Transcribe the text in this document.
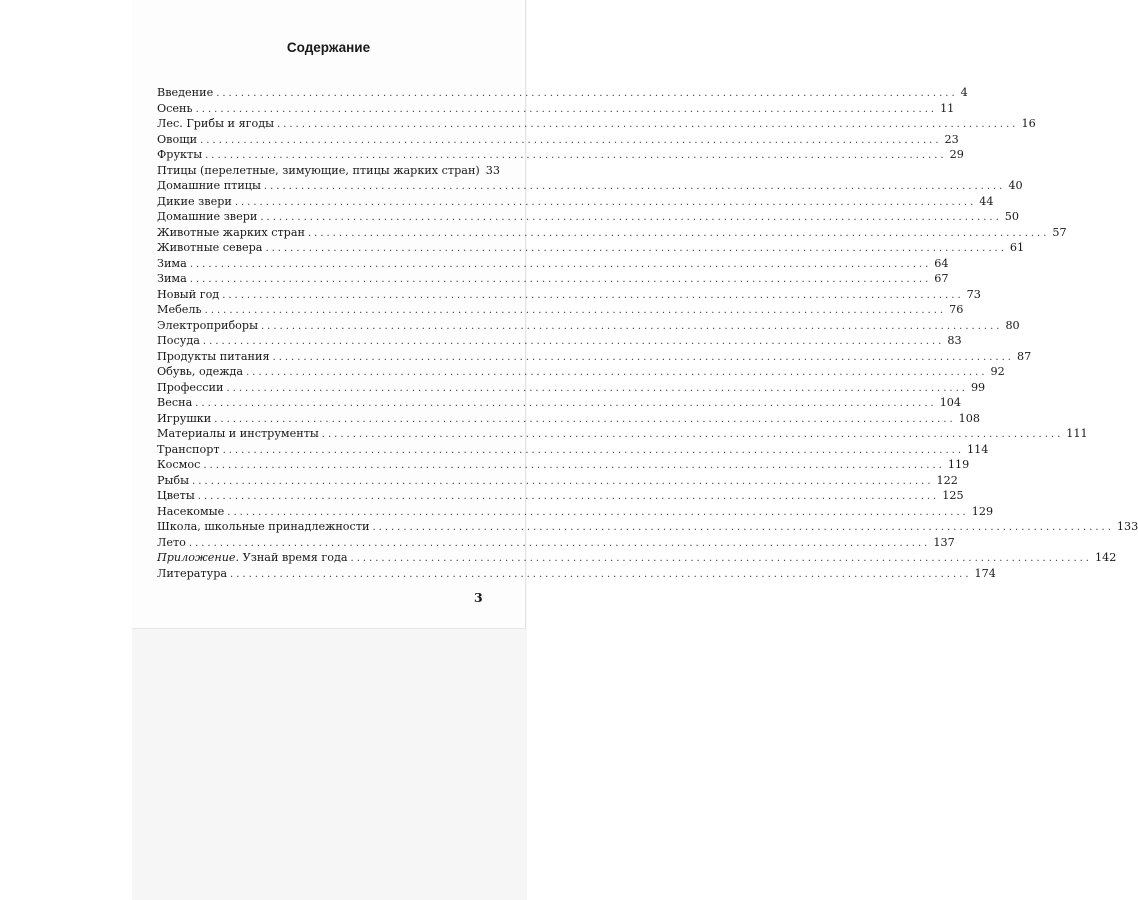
Содержание
Введение ........................................................................................................................ 4
Осень ........................................................................................................................ 11
Лес. Грибы и ягоды ........................................................................................................................ 16
Овощи ........................................................................................................................ 23
Фрукты ........................................................................................................................ 29
Птицы (перелетные, зимующие, птицы жарких стран) 33
Домашние птицы ........................................................................................................................ 40
Дикие звери ........................................................................................................................ 44
Домашние звери ........................................................................................................................ 50
Животные жарких стран ........................................................................................................................ 57
Животные севера ........................................................................................................................ 61
Зима ........................................................................................................................ 64
Зима ........................................................................................................................ 67
Новый год ........................................................................................................................ 73
Мебель ........................................................................................................................ 76
Электроприборы ........................................................................................................................ 80
Посуда ........................................................................................................................ 83
Продукты питания ........................................................................................................................ 87
Обувь, одежда ........................................................................................................................ 92
Профессии ........................................................................................................................ 99
Весна ........................................................................................................................ 104
Игрушки ........................................................................................................................ 108
Материалы и инструменты ........................................................................................................................ 111
Транспорт ........................................................................................................................ 114
Космос ........................................................................................................................ 119
Рыбы ........................................................................................................................ 122
Цветы ........................................................................................................................ 125
Насекомые ........................................................................................................................ 129
Школа, школьные принадлежности ........................................................................................................................ 133
Лето ........................................................................................................................ 137
Приложение. Узнай время года ........................................................................................................................ 142
Литература ........................................................................................................................ 174
3
